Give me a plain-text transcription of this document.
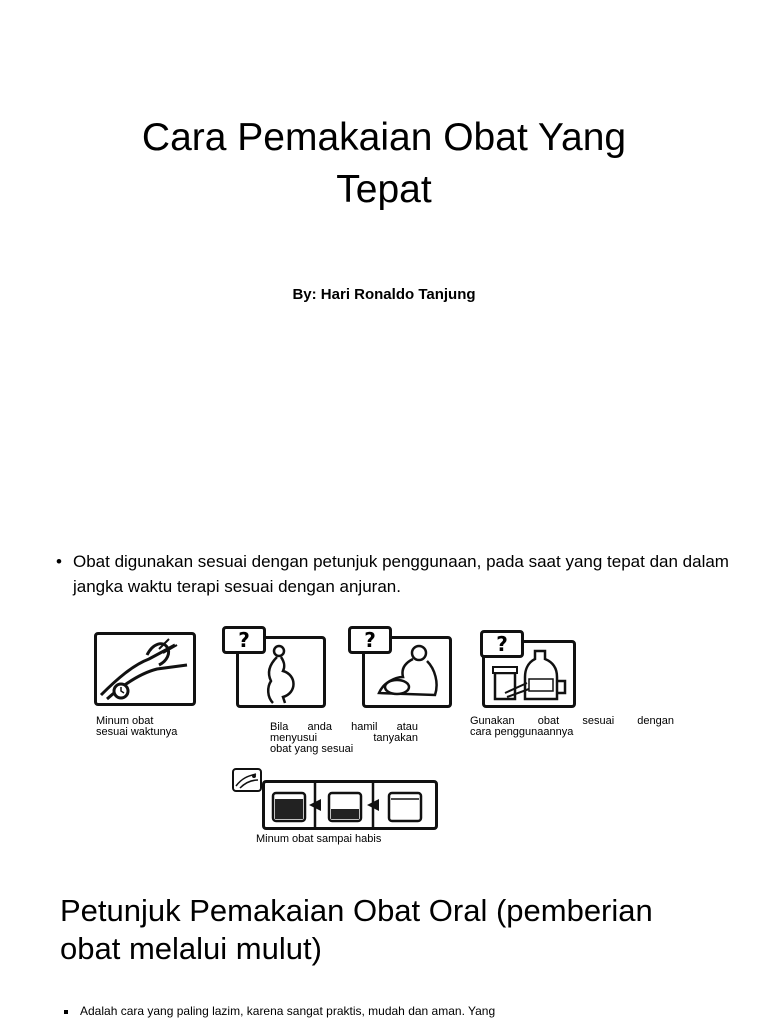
Cara Pemakaian Obat Yang
Tepat
By: Hari Ronaldo Tanjung
• Obat digunakan sesuai dengan petunjuk penggunaan, pada saat yang tepat dan dalam jangka waktu terapi sesuai dengan anjuran.
Minum obat
sesuai waktunya
?
Bila anda hamil atau
menyusui tanyakan
obat yang sesuai
?	?
Gunakan obat sesuai dengan
cara penggunaannya
Minum obat sampai habis
Petunjuk Pemakaian Obat Oral (pemberian
obat melalui mulut)
Adalah cara yang paling lazim, karena sangat praktis, mudah dan aman. Yang
